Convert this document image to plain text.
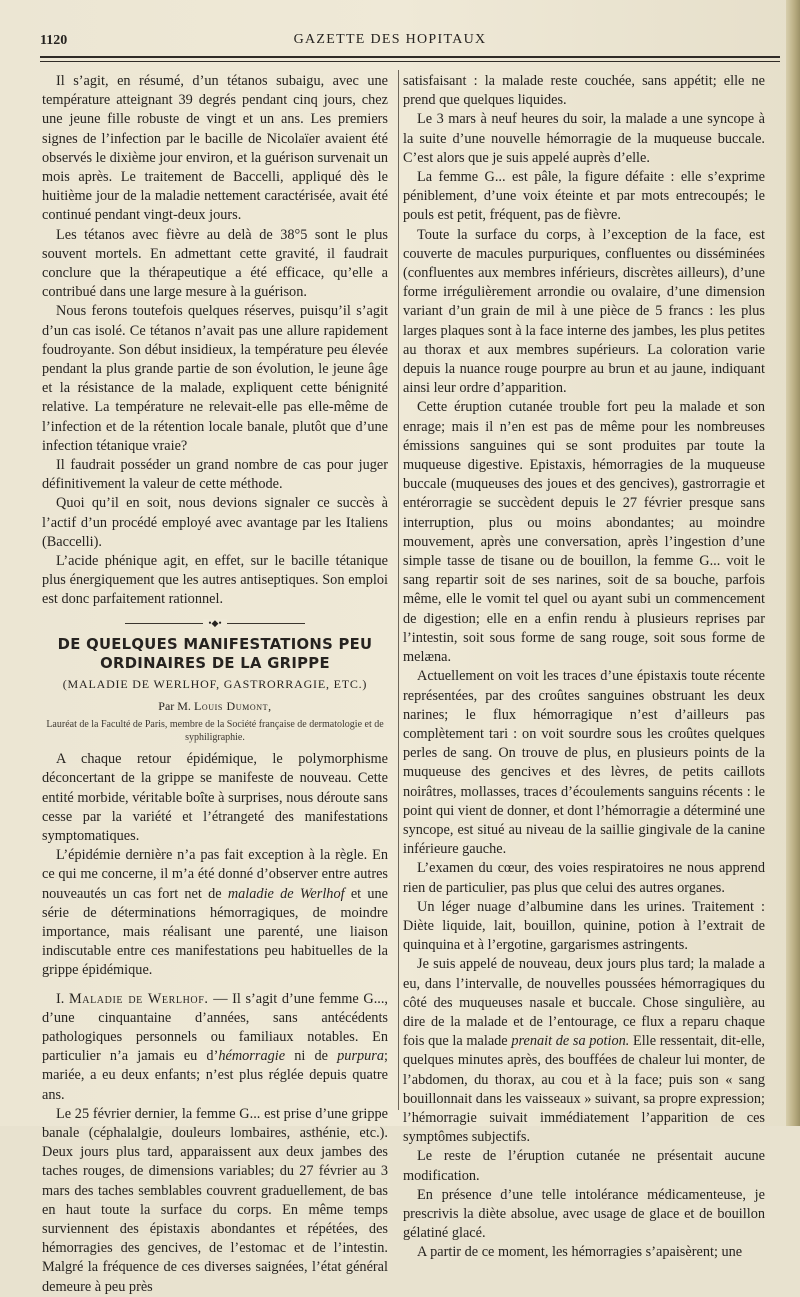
1120	GAZETTE DES HOPITAUX

Il s’agit, en résumé, d’un tétanos subaigu, avec une température atteignant 39 degrés pendant cinq jours, chez une jeune fille robuste de vingt et un ans. Les premiers signes de l’infection par le bacille de Nicolaïer avaient été observés le dixième jour environ, et la guérison survenait un mois après. Le traitement de Baccelli, appliqué dès le huitième jour de la maladie nettement caractérisée, avait été continué pendant vingt-deux jours.

Les tétanos avec fièvre au delà de 38°5 sont le plus souvent mortels. En admettant cette gravité, il faudrait conclure que la thérapeutique a été efficace, qu’elle a contribué dans une large mesure à la guérison.

Nous ferons toutefois quelques réserves, puisqu’il s’agit d’un cas isolé. Ce tétanos n’avait pas une allure rapidement foudroyante. Son début insidieux, la température peu élevée pendant la plus grande partie de son évolution, le jeune âge et la résistance de la malade, expliquent cette bénignité relative. La température ne relevait-elle pas elle-même de l’infection et de la rétention locale banale, plutôt que d’une infection tétanique vraie?

Il faudrait posséder un grand nombre de cas pour juger définitivement la valeur de cette méthode.

Quoi qu’il en soit, nous devions signaler ce succès à l’actif d’un procédé employé avec avantage par les Italiens (Baccelli).

L’acide phénique agit, en effet, sur le bacille tétanique plus énergiquement que les autres antiseptiques. Son emploi est donc parfaitement rationnel.

•◆•
DE QUELQUES MANIFESTATIONS PEU ORDINAIRES DE LA GRIPPE
(MALADIE DE WERLHOF, GASTRORRAGIE, ETC.)
Par M. Louis Dumont,
Lauréat de la Faculté de Paris, membre de la Société française de dermatologie et de syphiligraphie.

A chaque retour épidémique, le polymorphisme déconcertant de la grippe se manifeste de nouveau. Cette entité morbide, véritable boîte à surprises, nous déroute sans cesse par la variété et l’étrangeté des manifestations symptomatiques.

L’épidémie dernière n’a pas fait exception à la règle. En ce qui me concerne, il m’a été donné d’observer entre autres nouveautés un cas fort net de maladie de Werlhof et une série de déterminations hémorragiques, de moindre importance, mais réalisant une parenté, une liaison indiscutable entre ces manifestations peu habituelles de la grippe épidémique.

I. Maladie de Werlhof. — Il s’agit d’une femme G..., d’une cinquantaine d’années, sans antécédents pathologiques personnels ou familiaux notables. En particulier n’a jamais eu d’hémorragie ni de purpura; mariée, a eu deux enfants; n’est plus réglée depuis quatre ans.

Le 25 février dernier, la femme G... est prise d’une grippe banale (céphalalgie, douleurs lombaires, asthénie, etc.). Deux jours plus tard, apparaissent aux deux jambes des taches rouges, de dimensions variables; du 27 février au 3 mars des taches semblables couvrent graduellement, de bas en haut toute la surface du corps. En même temps surviennent des épistaxis abondantes et répétées, des hémorragies des gencives, de l’estomac et de l’intestin. Malgré la fréquence de ces diverses saignées, l’état général demeure à peu près

satisfaisant : la malade reste couchée, sans appétit; elle ne prend que quelques liquides.

Le 3 mars à neuf heures du soir, la malade a une syncope à la suite d’une nouvelle hémorragie de la muqueuse buccale. C’est alors que je suis appelé auprès d’elle.

La femme G... est pâle, la figure défaite : elle s’exprime péniblement, d’une voix éteinte et par mots entrecoupés; le pouls est petit, fréquent, pas de fièvre.

Toute la surface du corps, à l’exception de la face, est couverte de macules purpuriques, confluentes ou disséminées (confluentes aux membres inférieurs, discrètes ailleurs), d’une forme irrégulièrement arrondie ou ovalaire, d’une dimension variant d’un grain de mil à une pièce de 5 francs : les plus larges plaques sont à la face interne des jambes, les plus petites au thorax et aux membres supérieurs. La coloration varie depuis la nuance rouge pourpre au brun et au jaune, indiquant ainsi leur ordre d’apparition.

Cette éruption cutanée trouble fort peu la malade et son enrage; mais il n’en est pas de même pour les nombreuses émissions sanguines qui se sont produites par toute la muqueuse digestive. Epistaxis, hémorragies de la muqueuse buccale (muqueuses des joues et des gencives), gastrorragie et entérorragie se succèdent depuis le 27 février presque sans interruption, plus ou moins abondantes; au moindre mouvement, après une conversation, après l’ingestion d’une simple tasse de tisane ou de bouillon, la femme G... voit le sang repartir soit de ses narines, soit de sa bouche, parfois même, elle le vomit tel quel ou ayant subi un commencement de digestion; elle en a enfin rendu à plusieurs reprises par l’intestin, soit sous forme de sang rouge, soit sous forme de melæna.

Actuellement on voit les traces d’une épistaxis toute récente représentées, par des croûtes sanguines obstruant les deux narines; le flux hémorragique n’est d’ailleurs pas complètement tari : on voit sourdre sous les croûtes quelques perles de sang. On trouve de plus, en plusieurs points de la muqueuse des gencives et des lèvres, de petits caillots noirâtres, mollasses, traces d’écoulements sanguins récents : le point qui vient de donner, et dont l’hémorragie a déterminé une syncope, est situé au niveau de la saillie gingivale de la canine inférieure gauche.

L’examen du cœur, des voies respiratoires ne nous apprend rien de particulier, pas plus que celui des autres organes.

Un léger nuage d’albumine dans les urines. Traitement : Diète liquide, lait, bouillon, quinine, potion à l’extrait de quinquina et à l’ergotine, gargarismes astringents.

Je suis appelé de nouveau, deux jours plus tard; la malade a eu, dans l’intervalle, de nouvelles poussées hémorragiques du côté des muqueuses nasale et buccale. Chose singulière, au dire de la malade et de l’entourage, ce flux a reparu chaque fois que la malade prenait de sa potion. Elle ressentait, dit-elle, quelques minutes après, des bouffées de chaleur lui monter, de l’abdomen, du thorax, au cou et à la face; puis son « sang bouillonnait dans les vaisseaux » suivant, sa propre expression; l’hémorragie suivait immédiatement l’apparition de ces symptômes subjectifs.

Le reste de l’éruption cutanée ne présentait aucune modification.

En présence d’une telle intolérance médicamenteuse, je prescrivis la diète absolue, avec usage de glace et de bouillon gélatiné glacé.

A partir de ce moment, les hémorragies s’apaisèrent; une
